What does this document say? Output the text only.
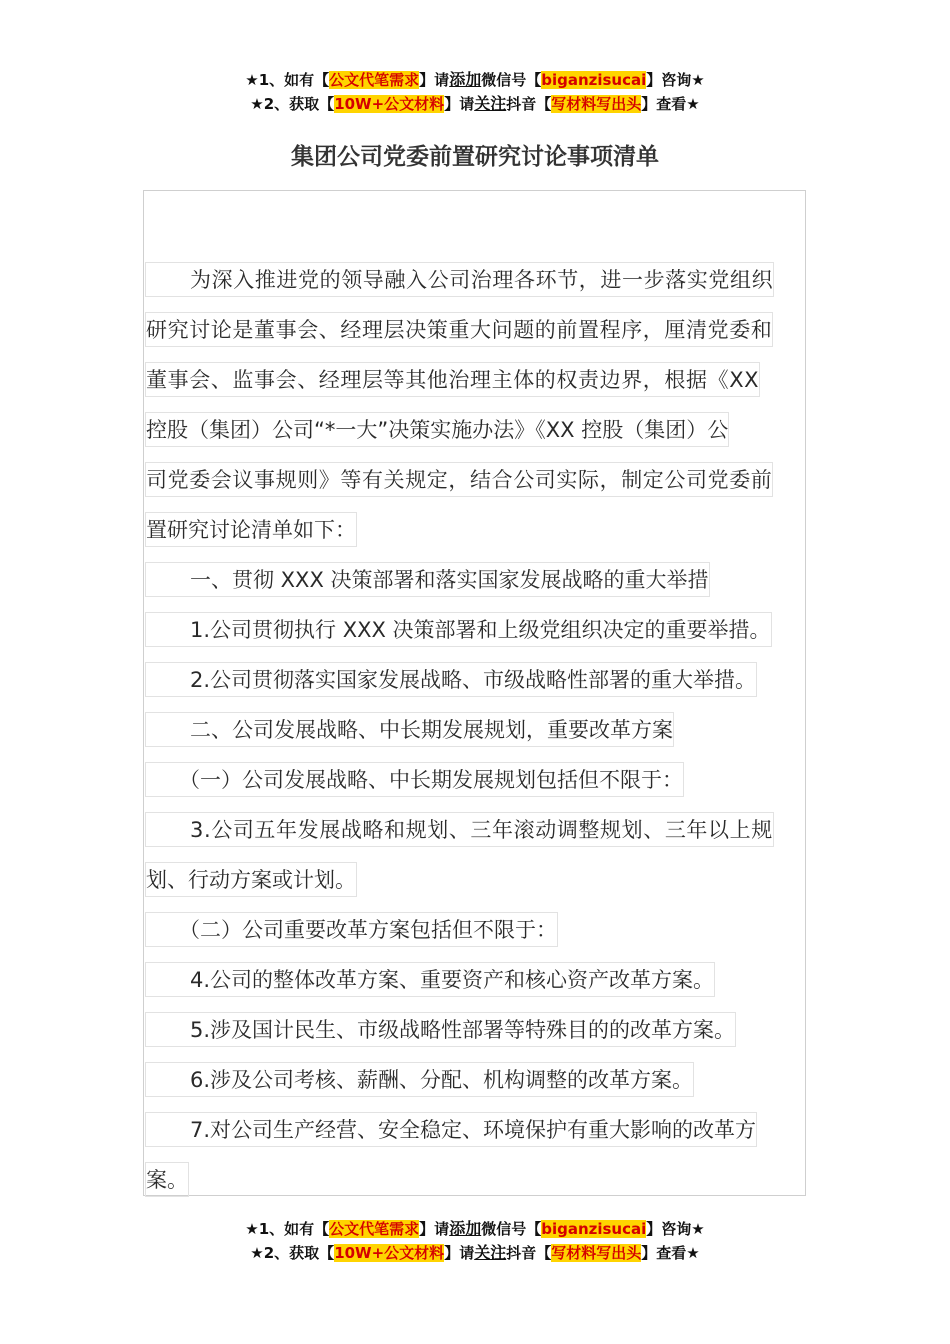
★1、如有【公文代笔需求】请添加微信号【biganzisucai】咨询★
★2、获取【10W+公文材料】请关注抖音【写材料写出头】查看★
集团公司党委前置研究讨论事项清单
为深入推进党的领导融入公司治理各环节，进一步落实党组织
研究讨论是董事会、经理层决策重大问题的前置程序，厘清党委和
董事会、监事会、经理层等其他治理主体的权责边界，根据《XX
控股（集团）公司“*一大”决策实施办法》《XX 控股（集团）公
司党委会议事规则》等有关规定，结合公司实际，制定公司党委前
置研究讨论清单如下：
一、贯彻 XXX 决策部署和落实国家发展战略的重大举措
1.公司贯彻执行 XXX 决策部署和上级党组织决定的重要举措。
2.公司贯彻落实国家发展战略、市级战略性部署的重大举措。
二、公司发展战略、中长期发展规划，重要改革方案
（一）公司发展战略、中长期发展规划包括但不限于：
3.公司五年发展战略和规划、三年滚动调整规划、三年以上规
划、行动方案或计划。
（二）公司重要改革方案包括但不限于：
4.公司的整体改革方案、重要资产和核心资产改革方案。
5.涉及国计民生、市级战略性部署等特殊目的的改革方案。
6.涉及公司考核、薪酬、分配、机构调整的改革方案。
7.对公司生产经营、安全稳定、环境保护有重大影响的改革方
案。
★1、如有【公文代笔需求】请添加微信号【biganzisucai】咨询★
★2、获取【10W+公文材料】请关注抖音【写材料写出头】查看★
